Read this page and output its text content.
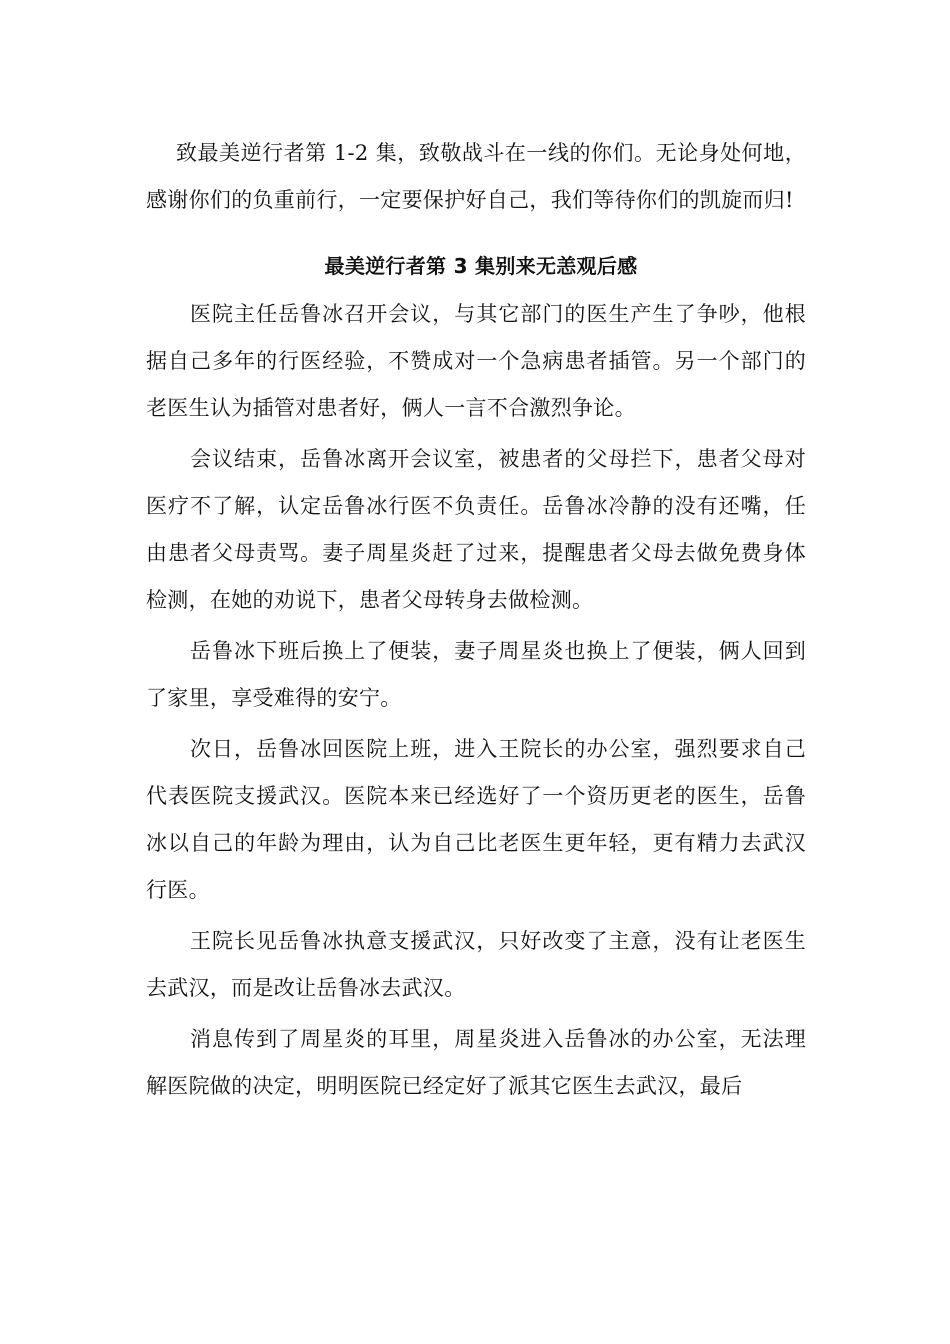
致最美逆行者第 1-2 集，致敬战斗在一线的你们。无论身处何地，感谢你们的负重前行，一定要保护好自己，我们等待你们的凯旋而归!

最美逆行者第 3 集别来无恙观后感

医院主任岳鲁冰召开会议，与其它部门的医生产生了争吵，他根据自己多年的行医经验，不赞成对一个急病患者插管。另一个部门的老医生认为插管对患者好，俩人一言不合激烈争论。

会议结束，岳鲁冰离开会议室，被患者的父母拦下，患者父母对医疗不了解，认定岳鲁冰行医不负责任。岳鲁冰冷静的没有还嘴，任由患者父母责骂。妻子周星炎赶了过来，提醒患者父母去做免费身体检测，在她的劝说下，患者父母转身去做检测。

岳鲁冰下班后换上了便装，妻子周星炎也换上了便装，俩人回到了家里，享受难得的安宁。

次日，岳鲁冰回医院上班，进入王院长的办公室，强烈要求自己代表医院支援武汉。医院本来已经选好了一个资历更老的医生，岳鲁冰以自己的年龄为理由，认为自己比老医生更年轻，更有精力去武汉行医。

王院长见岳鲁冰执意支援武汉，只好改变了主意，没有让老医生去武汉，而是改让岳鲁冰去武汉。

消息传到了周星炎的耳里，周星炎进入岳鲁冰的办公室，无法理解医院做的决定，明明医院已经定好了派其它医生去武汉，最后
